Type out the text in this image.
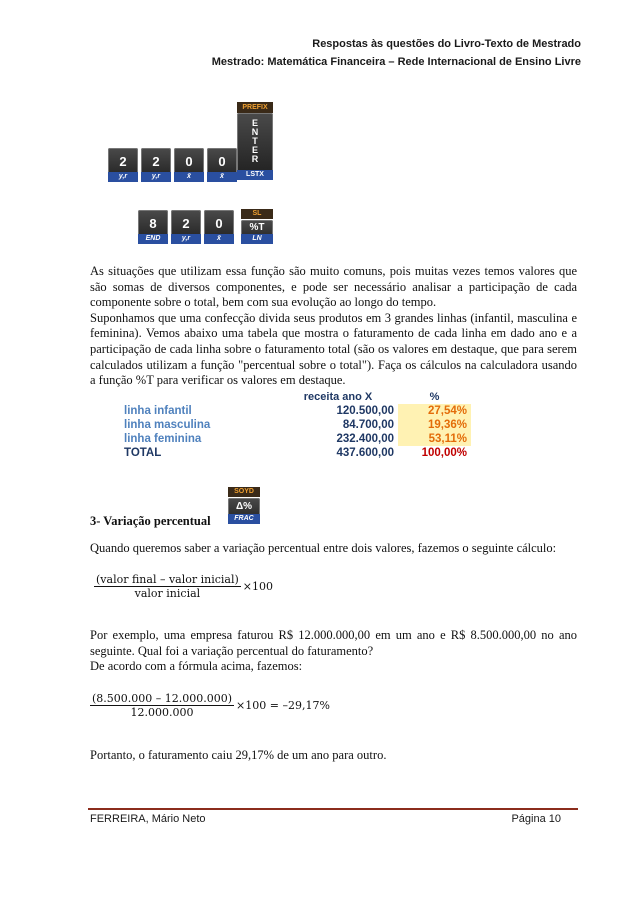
Respostas às questões do Livro-Texto de Mestrado
Mestrado: Matemática Financeira – Rede Internacional de Ensino Livre
2
y,r
2
y,r
0
x̄
0
x̄
PREFIX
E
N
T
E
R
LSTX
8
END
2
y,r
0
x̄
SL
%T
LN

As situações que utilizam essa função são muito comuns, pois muitas vezes temos valores que são somas de diversos componentes, e pode ser necessário analisar a participação de cada componente sobre o total, bem com sua evolução ao longo do tempo.

Suponhamos que uma confecção divida seus produtos em 3 grandes linhas (infantil, masculina e feminina). Vemos abaixo uma tabela que mostra o faturamento de cada linha em dado ano e a participação de cada linha sobre o faturamento total (são os valores em destaque, que para serem calculados utilizam a função "percentual sobre o total"). Faça os cálculos na calculadora usando a função %T para verificar os valores em destaque.

	receita ano X	%
linha infantil	120.500,00	27,54%
linha masculina	84.700,00	19,36%
linha feminina	232.400,00	53,11%
TOTAL	437.600,00	100,00%
3- Variação percentual
SOYD
Δ%
FRAC
Quando queremos saber a variação percentual entre dois valores, fazemos o seguinte cálculo:
$\frac{\text{(valor final – valor inicial)}}{\text{valor inicial}} \times 100$

Por exemplo, uma empresa faturou R$ 12.000.000,00 em um ano e R$ 8.500.000,00 no ano seguinte. Qual foi a variação percentual do faturamento?

De acordo com a fórmula acima, fazemos:

$\frac{(8.500.000 - 12.000.000)}{12.000.000} \times 100 = -29,17\%$
Portanto, o faturamento caiu 29,17% de um ano para outro.
FERREIRA, Mário Neto	Página 10
